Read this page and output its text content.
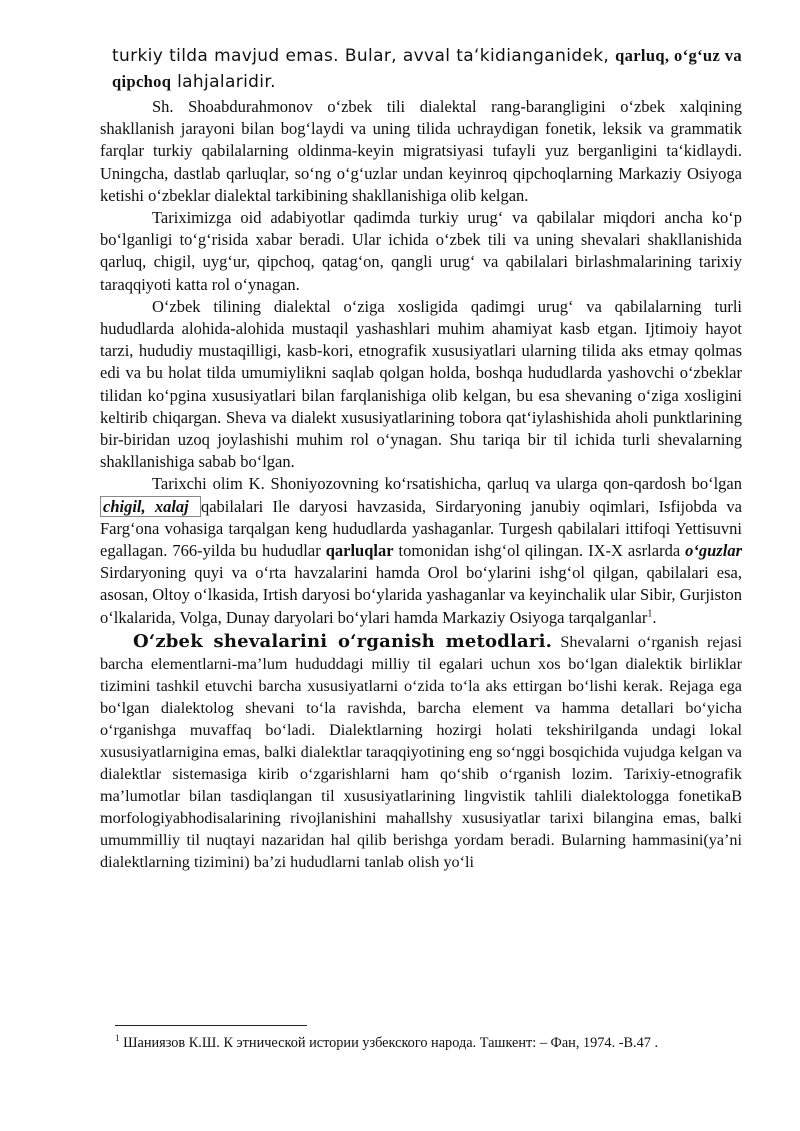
turkiy tilda mavjud emas. Bular, avval taʻkidianganidek, qarluq, oʻgʻuz va qipchoq lahjalaridir.

Sh. Shoabdurahmonov oʻzbek tili dialektal rang-barangligini oʻzbek xalqining shakllanish jarayoni bilan bogʻlaydi va uning tilida uchraydigan fonetik, leksik va grammatik farqlar turkiy qabilalarning oldinma-keyin migratsiyasi tufayli yuz berganligini taʻkidlaydi. Uningcha, dastlab qarluqlar, soʻng oʻgʻuzlar undan keyinroq qipchoqlarning Markaziy Osiyoga ketishi oʻzbeklar dialektal tarkibining shakllanishiga olib kelgan.

Tariximizga oid adabiyotlar qadimda turkiy urugʻ va qabilalar miqdori ancha koʻp boʻlganligi toʻgʻrisida xabar beradi. Ular ichida oʻzbek tili va uning shevalari shakllanishida qarluq, chigil, uygʻur, qipchoq, qatagʻon, qangli urugʻ va qabilalari birlashmalarining tarixiy taraqqiyoti katta rol oʻynagan.

Oʻzbek tilining dialektal oʻziga xosligida qadimgi urugʻ va qabilalarning turli hududlarda alohida-alohida mustaqil yashashlari muhim ahamiyat kasb etgan. Ijtimoiy hayot tarzi, hududiy mustaqilligi, kasb-kori, etnografik xususiyatlari ularning tilida aks etmay qolmas edi va bu holat tilda umumiylikni saqlab qolgan holda, boshqa hududlarda yashovchi oʻzbeklar tilidan koʻpgina xususiyatlari bilan farqlanishiga olib kelgan, bu esa shevaning oʻziga xosligini keltirib chiqargan. Sheva va dialekt xususiyatlarining tobora qatʻiylashishida aholi punktlarining bir-biridan uzoq joylashishi muhim rol oʻynagan. Shu tariqa bir til ichida turli shevalarning shakllanishiga sabab boʻlgan.

Tarixchi olim K. Shoniyozovning koʻrsatishicha, qarluq va ularga qon-qardosh boʻlgan chigil, xalaj qabilalari Ile daryosi havzasida, Sirdaryoning janubiy oqimlari, Isfijobda va Fargʻona vohasiga tarqalgan keng hududlarda yashaganlar. Turgesh qabilalari ittifoqi Yettisuvni egallagan. 766-yilda bu hududlar qarluqlar tomonidan ishgʻol qilingan. IX-X asrlarda oʻguzlar Sirdaryoning quyi va oʻrta havzalarini hamda Orol boʻylarini ishgʻol qilgan, qabilalari esa, asosan, Oltoy oʻlkasida, Irtish daryosi boʻylarida yashaganlar va keyinchalik ular Sibir, Gurjiston oʻlkalarida, Volga, Dunay daryolari boʻylari hamda Markaziy Osiyoga tarqalganlar$^1$.

Oʻzbek shevalarini oʻrganish metodlari. Shevalarni oʻrganish rejasi barcha elementlarni-ma’lum hududdagi milliy til egalari uchun xos boʻlgan dialektik birliklar tizimini tashkil etuvchi barcha xususiyatlarni oʻzida toʻla aks ettirgan boʻlishi kerak. Rejaga ega boʻlgan dialektolog shevani toʻla ravishda, barcha element va hamma detallari boʻyicha oʻrganishga muvaffaq boʻladi. Dialektlarning hozirgi holati tekshirilganda undagi lokal xususiyatlarnigina emas, balki dialektlar taraqqiyotining eng soʻnggi bosqichida vujudga kelgan va dialektlar sistemasiga kirib oʻzgarishlarni ham qoʻshib oʻrganish lozim. Tarixiy-etnografik ma’lumotlar bilan tasdiqlangan til xususiyatlarining lingvistik tahlili dialektologga fonetikaB morfologiyabhodisalarining rivojlanishini mahallshy xususiyatlar tarixi bilangina emas, balki umummilliy til nuqtayi nazaridan hal qilib berishga yordam beradi. Bularning hammasini(ya’ni dialektlarning tizimini) ba’zi hududlarni tanlab olish yoʻli

$^1$ Шаниязов К.Ш. К этнической истории узбекского народа. Ташкент: – Фан, 1974. -В.47 .
